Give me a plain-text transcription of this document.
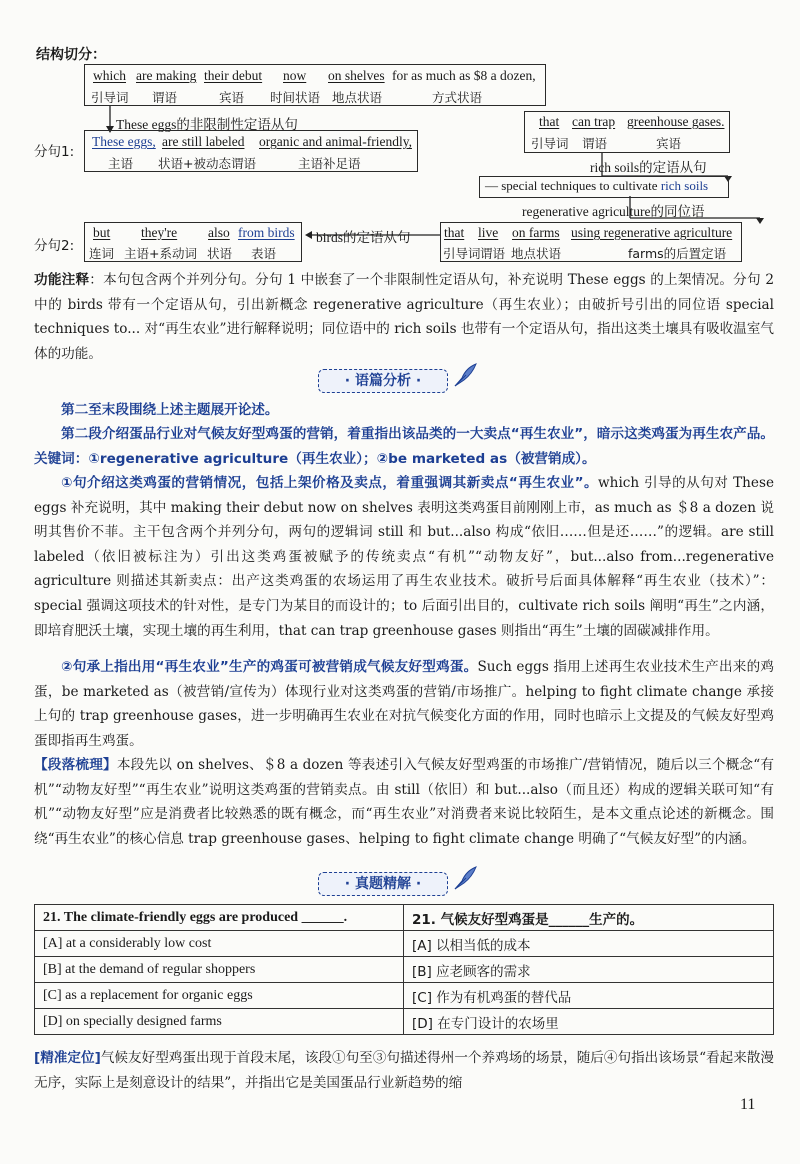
结构切分：
which are making their debut now on shelves for as much as $8 a dozen,
引导词 谓语	宾语 时间状语 地点状语	方式状语
These eggs的非限制性定语从句
分句1:
These eggs, are still labeled organic and animal-friendly,
主语 状语+被动态谓语	主语补足语
that can trap greenhouse gases.
引导词 谓语	宾语
rich soils的定语从句
— special techniques to cultivate rich soils
regenerative agriculture的同位语
分句2:
but they're also from birds
连词 主语+系动词 状语 表语
birds的定语从句 that live on farms using regenerative agriculture
引导词 谓语 地点状语	farms的后置定语
功能注释：本句包含两个并列分句。分句 1 中嵌套了一个非限制性定语从句，补充说明 These eggs 的上架情况。分句 2 中的 birds 带有一个定语从句，引出新概念 regenerative agriculture（再生农业）；由破折号引出的同位语 special techniques to... 对“再生农业”进行解释说明；同位语中的 rich soils 也带有一个定语从句，指出这类土壤具有吸收温室气体的功能。
· 语篇分析 ·
第二至末段围绕上述主题展开论述。
第二段介绍蛋品行业对气候友好型鸡蛋的营销，着重指出该品类的一大卖点“再生农业”，暗示这类鸡蛋为再生农产品。关键词：①regenerative agriculture（再生农业）；②be marketed as（被营销成）。
①句介绍这类鸡蛋的营销情况，包括上架价格及卖点，着重强调其新卖点“再生农业”。which 引导的从句对 These eggs 补充说明，其中 making their debut now on shelves 表明这类鸡蛋目前刚刚上市，as much as ＄8 a dozen 说明其售价不菲。主干包含两个并列分句，两句的逻辑词 still 和 but...also 构成“依旧……但是还……”的逻辑。are still labeled（依旧被标注为）引出这类鸡蛋被赋予的传统卖点“有机”“动物友好”，but...also from...regenerative agriculture 则描述其新卖点：出产这类鸡蛋的农场运用了再生农业技术。破折号后面具体解释“再生农业（技术）”：special 强调这项技术的针对性，是专门为某目的而设计的；to 后面引出目的，cultivate rich soils 阐明“再生”之内涵，即培育肥沃土壤，实现土壤的再生利用，that can trap greenhouse gases 则指出“再生”土壤的固碳减排作用。
②句承上指出用“再生农业”生产的鸡蛋可被营销成气候友好型鸡蛋。Such eggs 指用上述再生农业技术生产出来的鸡蛋，be marketed as（被营销/宣传为）体现行业对这类鸡蛋的营销/市场推广。helping to fight climate change 承接上句的 trap greenhouse gases，进一步明确再生农业在对抗气候变化方面的作用，同时也暗示上文提及的气候友好型鸡蛋即指再生鸡蛋。
【段落梳理】本段先以 on shelves、＄8 a dozen 等表述引入气候友好型鸡蛋的市场推广/营销情况，随后以三个概念“有机”“动物友好型”“再生农业”说明这类鸡蛋的营销卖点。由 still（依旧）和 but...also（而且还）构成的逻辑关联可知“有机”“动物友好型”应是消费者比较熟悉的既有概念，而“再生农业”对消费者来说比较陌生，是本文重点论述的新概念。围绕“再生农业”的核心信息 trap greenhouse gases、helping to fight climate change 明确了“气候友好型”的内涵。
· 真题精解 ·
21. The climate-friendly eggs are produced ______.	21. 气候友好型鸡蛋是______生产的。
[A] at a considerably low cost	[A] 以相当低的成本
[B] at the demand of regular shoppers	[B] 应老顾客的需求
[C] as a replacement for organic eggs	[C] 作为有机鸡蛋的替代品
[D] on specially designed farms	[D] 在专门设计的农场里
[精准定位]气候友好型鸡蛋出现于首段末尾，该段①句至③句描述得州一个养鸡场的场景，随后④句指出该场景“看起来散漫无序，实际上是刻意设计的结果”，并指出它是美国蛋品行业新趋势的缩
11
